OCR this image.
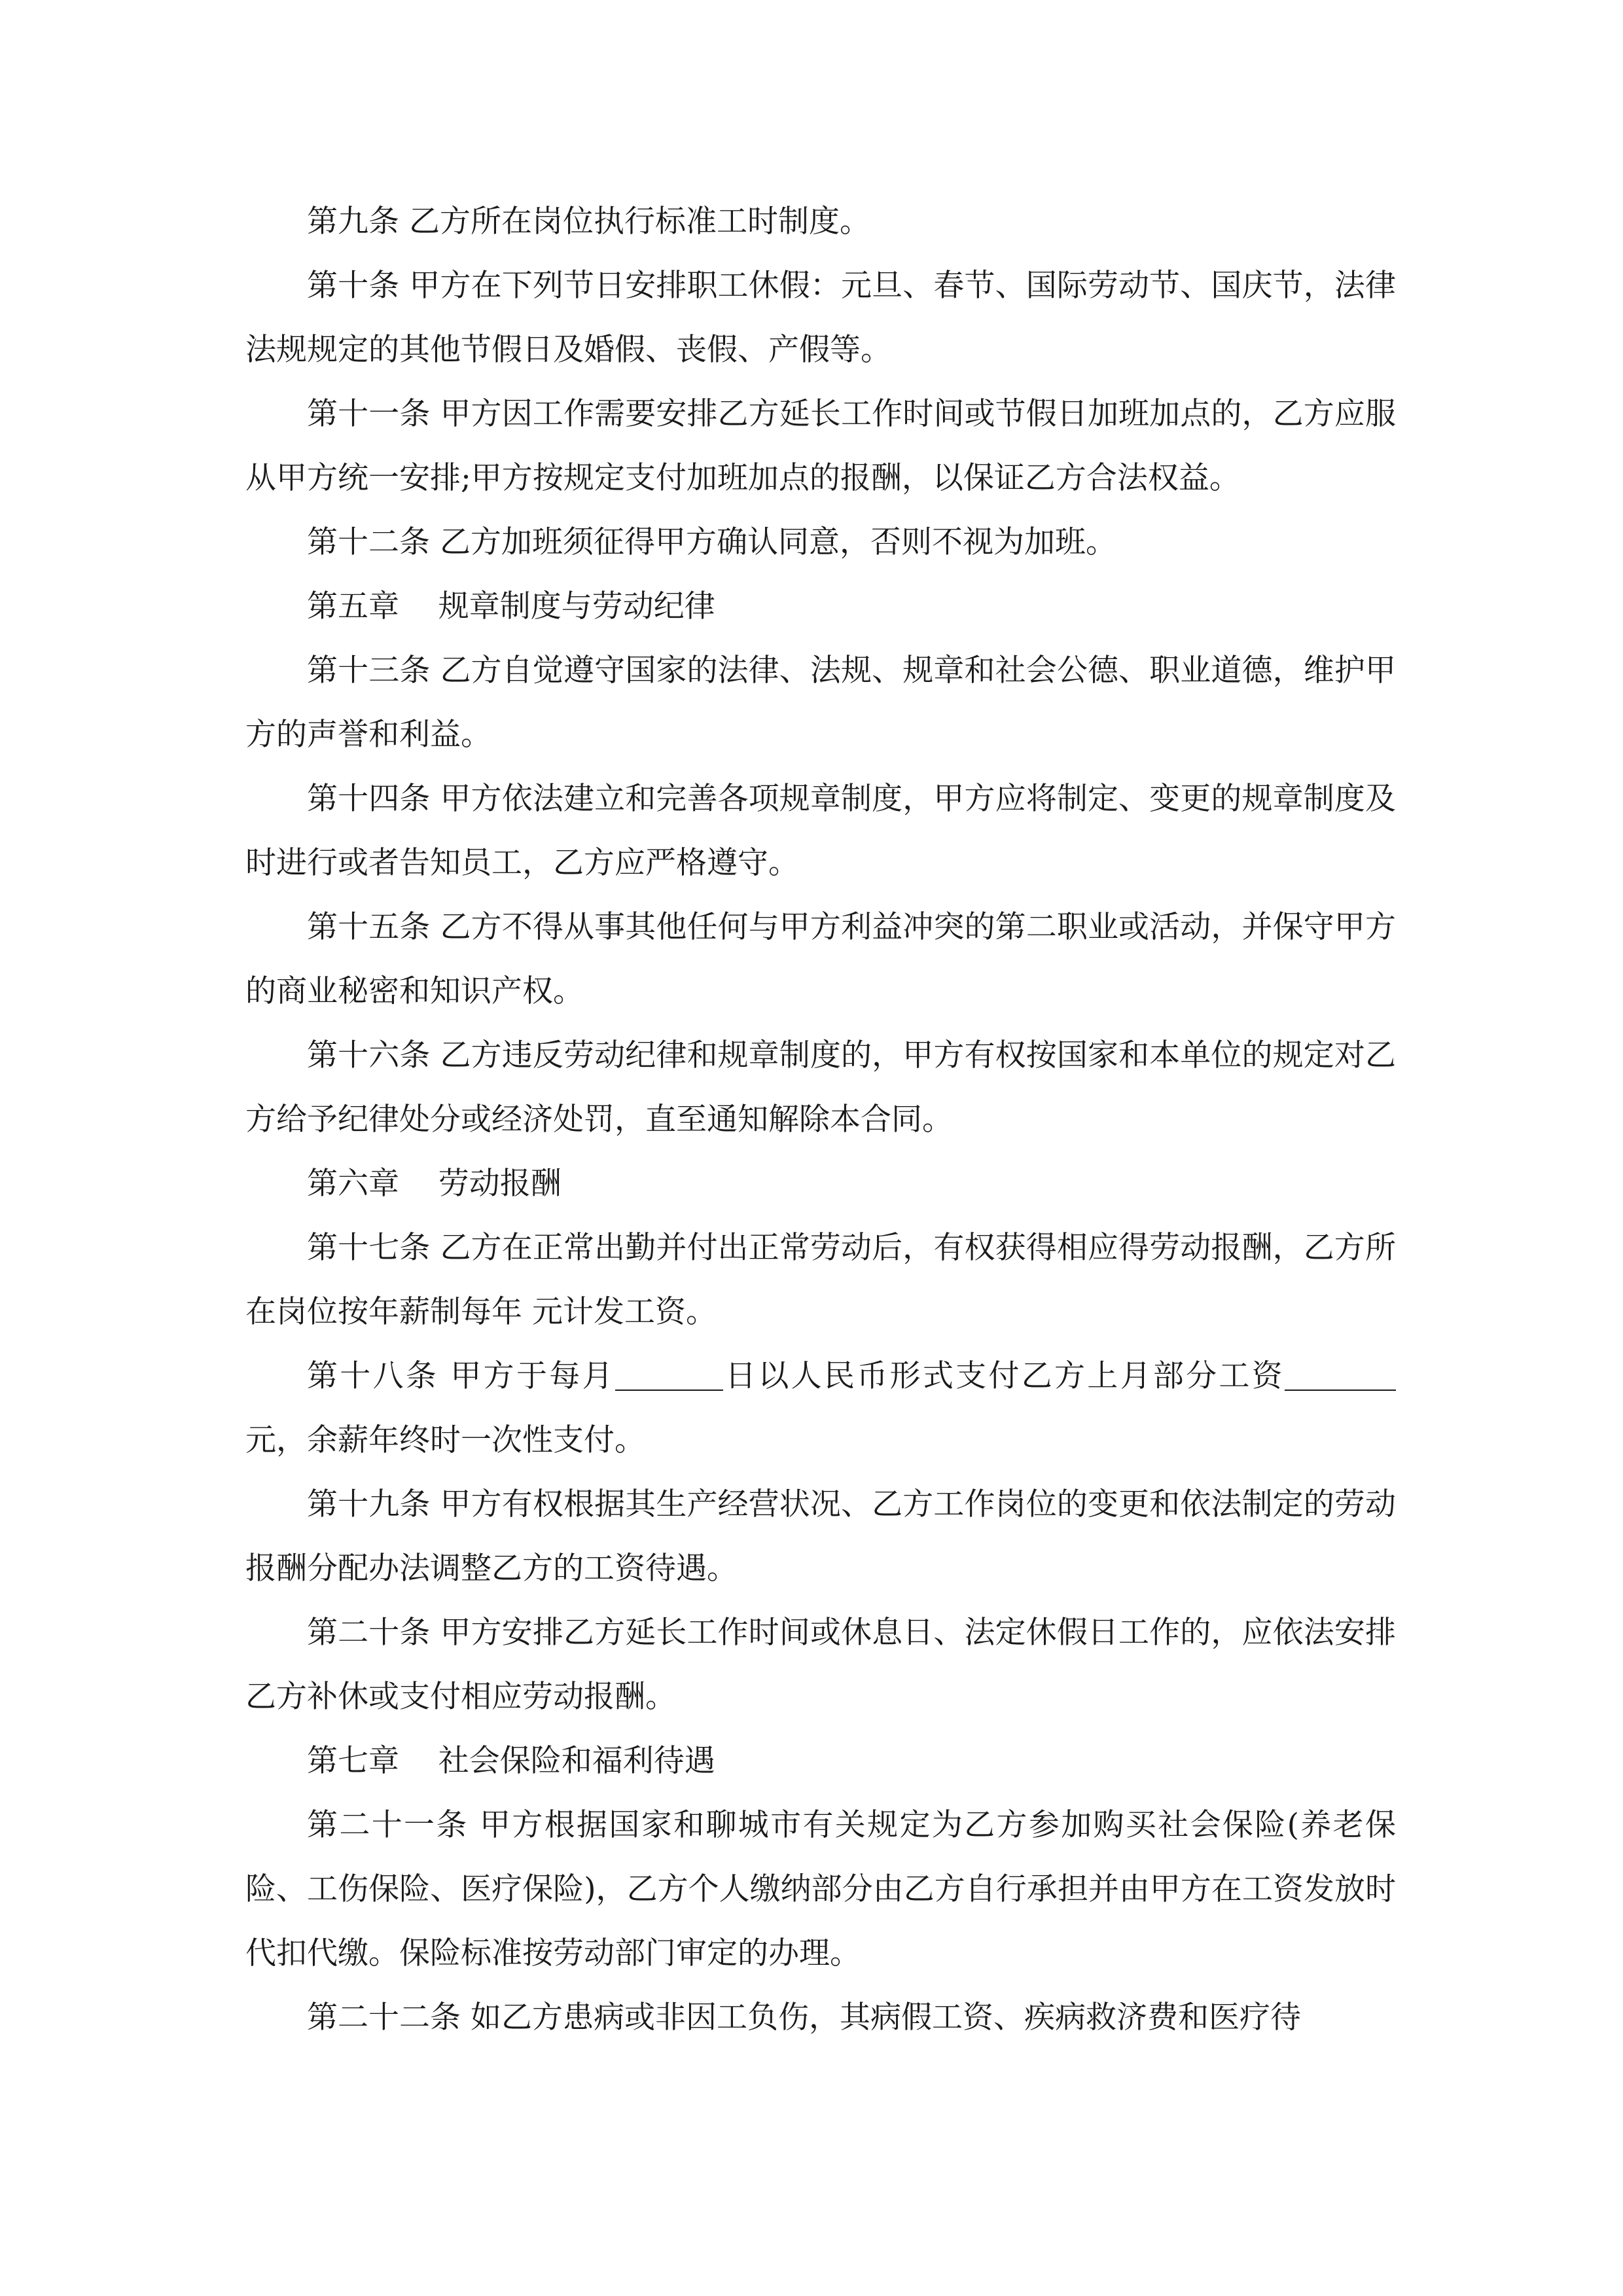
第九条 乙方所在岗位执行标准工时制度。

第十条 甲方在下列节日安排职工休假：元旦、春节、国际劳动节、国庆节，法律法规规定的其他节假日及婚假、丧假、产假等。

第十一条 甲方因工作需要安排乙方延长工作时间或节假日加班加点的，乙方应服从甲方统一安排;甲方按规定支付加班加点的报酬，以保证乙方合法权益。

第十二条 乙方加班须征得甲方确认同意，否则不视为加班。

第五章    规章制度与劳动纪律

第十三条 乙方自觉遵守国家的法律、法规、规章和社会公德、职业道德，维护甲方的声誉和利益。

第十四条 甲方依法建立和完善各项规章制度，甲方应将制定、变更的规章制度及时进行或者告知员工，乙方应严格遵守。

第十五条 乙方不得从事其他任何与甲方利益冲突的第二职业或活动，并保守甲方的商业秘密和知识产权。

第十六条 乙方违反劳动纪律和规章制度的，甲方有权按国家和本单位的规定对乙方给予纪律处分或经济处罚，直至通知解除本合同。

第六章    劳动报酬

第十七条 乙方在正常出勤并付出正常劳动后，有权获得相应得劳动报酬，乙方所在岗位按年薪制每年 元计发工资。

第十八条 甲方于每月	日以人民币形式支付乙方上月部分工资元，余薪年终时一次性支付。

第十九条 甲方有权根据其生产经营状况、乙方工作岗位的变更和依法制定的劳动报酬分配办法调整乙方的工资待遇。

第二十条 甲方安排乙方延长工作时间或休息日、法定休假日工作的，应依法安排乙方补休或支付相应劳动报酬。

第七章    社会保险和福利待遇

第二十一条 甲方根据国家和聊城市有关规定为乙方参加购买社会保险(养老保险、工伤保险、医疗保险)，乙方个人缴纳部分由乙方自行承担并由甲方在工资发放时代扣代缴。保险标准按劳动部门审定的办理。

第二十二条 如乙方患病或非因工负伤，其病假工资、疾病救济费和医疗待
